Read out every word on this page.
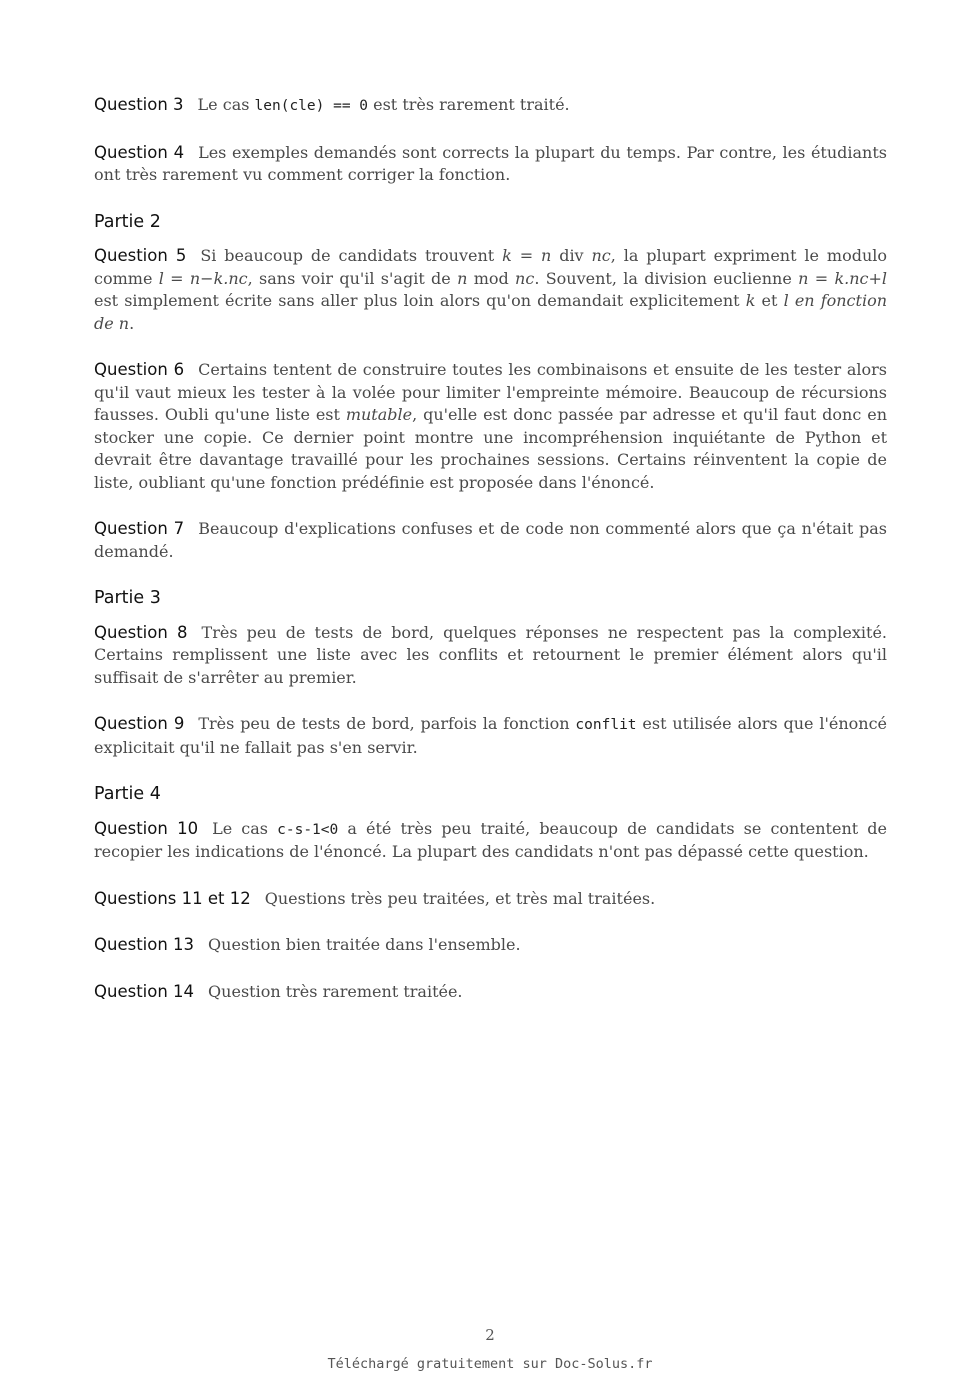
Question 3 Le cas len(cle) == 0 est très rarement traité.

Question 4 Les exemples demandés sont corrects la plupart du temps. Par contre, les étudiants ont très rarement vu comment corriger la fonction.

Partie 2

Question 5 Si beaucoup de candidats trouvent k = n div nc, la plupart expriment le modulo comme l = n−k.nc, sans voir qu'il s'agit de n mod nc. Souvent, la division euclienne n = k.nc+l est simplement écrite sans aller plus loin alors qu'on demandait explicitement k et l en fonction de n.

Question 6 Certains tentent de construire toutes les combinaisons et ensuite de les tester alors qu'il vaut mieux les tester à la volée pour limiter l'empreinte mémoire. Beaucoup de récursions fausses. Oubli qu'une liste est mutable, qu'elle est donc passée par adresse et qu'il faut donc en stocker une copie. Ce dernier point montre une incompréhension inquiétante de Python et devrait être davantage travaillé pour les prochaines sessions. Certains réinventent la copie de liste, oubliant qu'une fonction prédéfinie est proposée dans l'énoncé.

Question 7 Beaucoup d'explications confuses et de code non commenté alors que ça n'était pas demandé.

Partie 3

Question 8 Très peu de tests de bord, quelques réponses ne respectent pas la complexité. Certains remplissent une liste avec les conflits et retournent le premier élément alors qu'il suffisait de s'arrêter au premier.

Question 9 Très peu de tests de bord, parfois la fonction conflit est utilisée alors que l'énoncé explicitait qu'il ne fallait pas s'en servir.

Partie 4

Question 10 Le cas c-s-1<0 a été très peu traité, beaucoup de candidats se contentent de recopier les indications de l'énoncé. La plupart des candidats n'ont pas dépassé cette question.

Questions 11 et 12 Questions très peu traitées, et très mal traitées.

Question 13 Question bien traitée dans l'ensemble.

Question 14 Question très rarement traitée.

2
Téléchargé gratuitement sur Doc-Solus.fr
